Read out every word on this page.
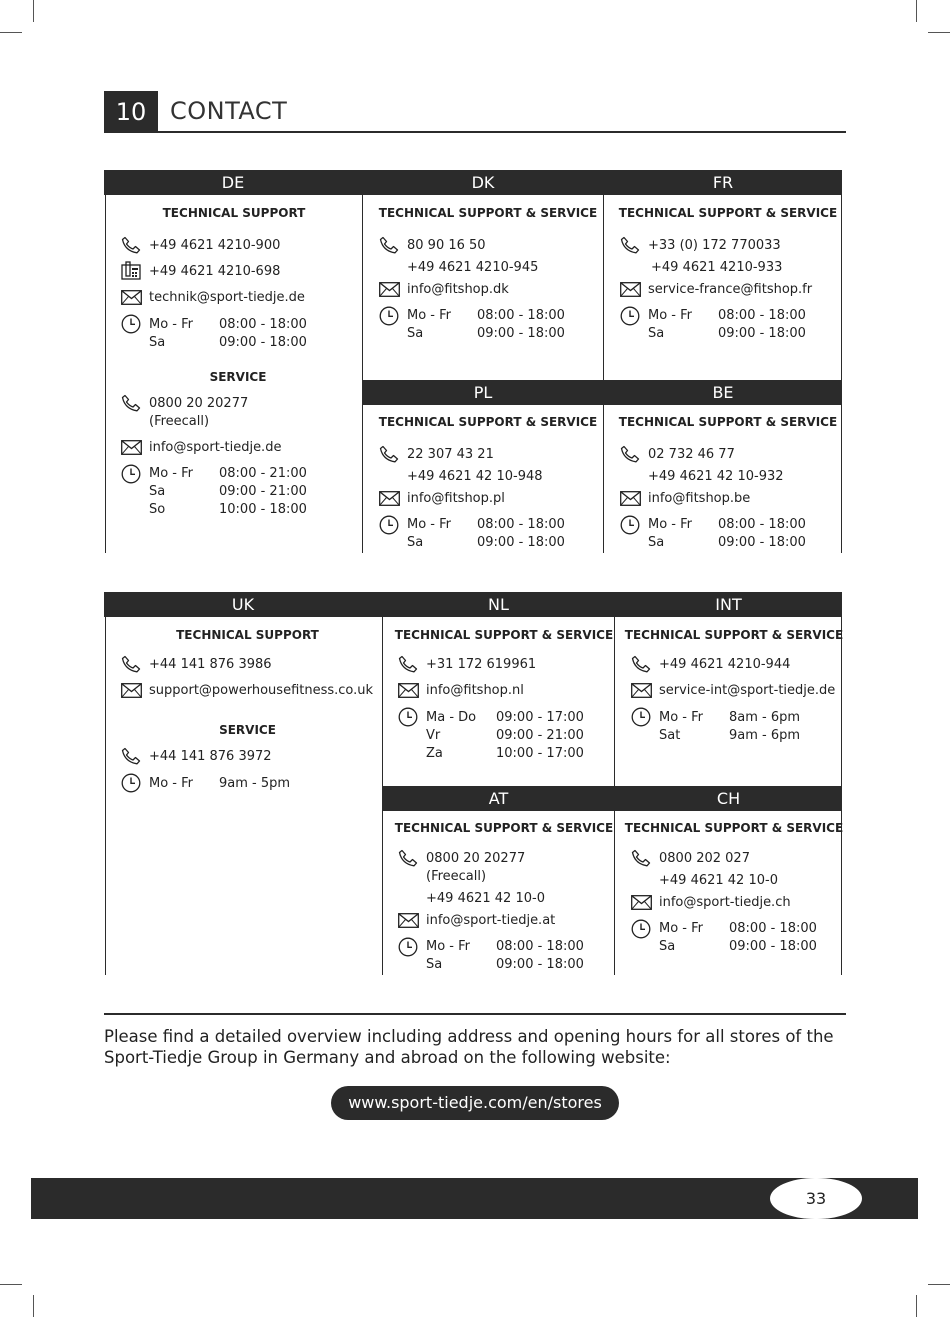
10 CONTACT
DE	DK	FR
PL	BE
TECHNICAL SUPPORT
+49 4621 4210-900
+49 4621 4210-698
technik@sport-tiedje.de
Mo - Fr 08:00 - 18:00
Sa	09:00 - 18:00
SERVICE
0800 20 20277
(Freecall)
info@sport-tiedje.de
Mo - Fr 08:00 - 21:00
Sa	09:00 - 21:00
So	10:00 - 18:00
TECHNICAL SUPPORT & SERVICE
80 90 16 50
+49 4621 4210-945
info@fitshop.dk
Mo - Fr 08:00 - 18:00
Sa	09:00 - 18:00
TECHNICAL SUPPORT & SERVICE
+33 (0) 172 770033
+49 4621 4210-933
service-france@fitshop.fr
Mo - Fr 08:00 - 18:00
Sa	09:00 - 18:00
TECHNICAL SUPPORT & SERVICE
22 307 43 21
+49 4621 42 10-948
info@fitshop.pl
Mo - Fr 08:00 - 18:00
Sa	09:00 - 18:00
TECHNICAL SUPPORT & SERVICE
02 732 46 77
+49 4621 42 10-932
info@fitshop.be
Mo - Fr 08:00 - 18:00
Sa	09:00 - 18:00
UK	NL	INT
AT	CH
TECHNICAL SUPPORT
+44 141 876 3986
support@powerhousefitness.co.uk
SERVICE
+44 141 876 3972
Mo - Fr 9am - 5pm
TECHNICAL SUPPORT & SERVICE
+31 172 619961
info@fitshop.nl
Ma - Do 09:00 - 17:00
Vr	09:00 - 21:00
Za	10:00 - 17:00
TECHNICAL SUPPORT & SERVICE
+49 4621 4210-944
service-int@sport-tiedje.de
Mo - Fr 8am - 6pm
Sat	9am - 6pm
TECHNICAL SUPPORT & SERVICE
0800 20 20277
(Freecall)
+49 4621 42 10-0
info@sport-tiedje.at
Mo - Fr 08:00 - 18:00
Sa	09:00 - 18:00
TECHNICAL SUPPORT & SERVICE
0800 202 027
+49 4621 42 10-0
info@sport-tiedje.ch
Mo - Fr 08:00 - 18:00
Sa	09:00 - 18:00
Please find a detailed overview including address and opening hours for all stores of the Sport-Tiedje Group in Germany and abroad on the following website:
www.sport-tiedje.com/en/stores
33
